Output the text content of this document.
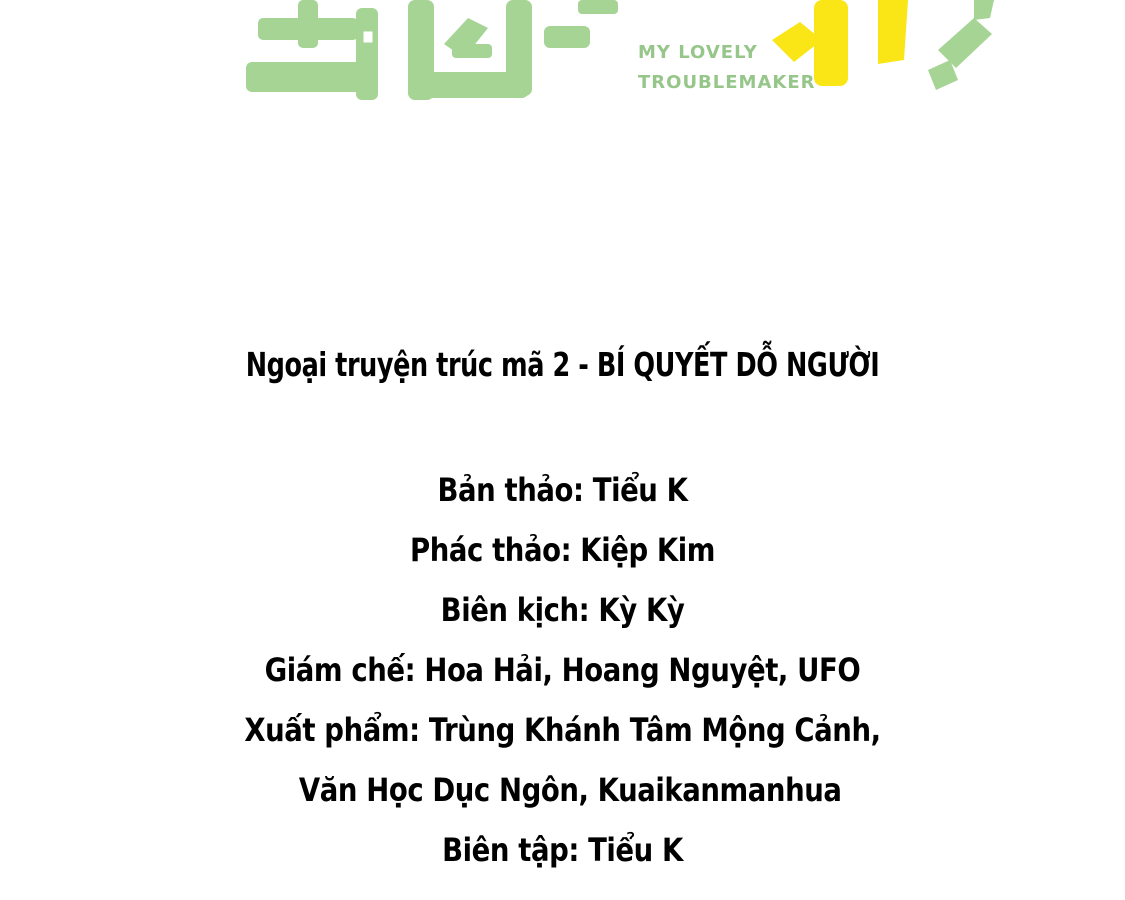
MY LOVELY
TROUBLEMAKER
Ngoại truyện trúc mã 2 - BÍ QUYẾT DỖ NGƯỜI
Bản thảo: Tiểu K
Phác thảo: Kiệp Kim
Biên kịch: Kỳ Kỳ
Giám chế: Hoa Hải, Hoang Nguyệt, UFO
Xuất phẩm: Trùng Khánh Tâm Mộng Cảnh,
Văn Học Dục Ngôn, Kuaikanmanhua
Biên tập: Tiểu K
